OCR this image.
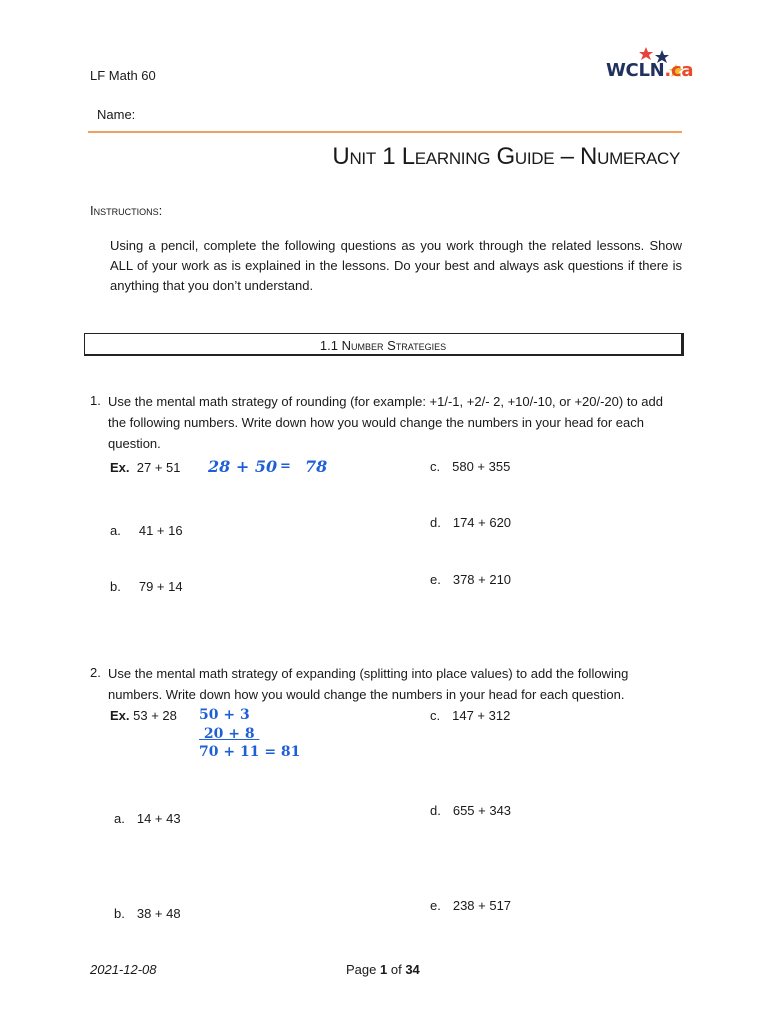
LF Math 60	WCLN.ca
Name:
Unit 1 Learning Guide – Numeracy
Instructions:
Using a pencil, complete the following questions as you work through the related lessons. Show ALL of your work as is explained in the lessons. Do your best and always ask questions if there is anything that you don’t understand.
1.1 Number Strategies
1. Use the mental math strategy of rounding (for example: +1/-1, +2/- 2, +10/-10, or +20/-20) to add the following numbers. Write down how you would change the numbers in your head for each question.
Ex. 27 + 51 28 + 50 = 78
a. 41 + 16
b. 79 + 14
c. 580 + 355
d. 174 + 620
e. 378 + 210
2. Use the mental math strategy of expanding (splitting into place values) to add the following numbers. Write down how you would change the numbers in your head for each question.
Ex. 53 + 28 50 + 3
20 + 8
70 + 11 = 81
a. 14 + 43
b. 38 + 48
c. 147 + 312
d. 655 + 343
e. 238 + 517
2021-12-08	Page 1 of 34
